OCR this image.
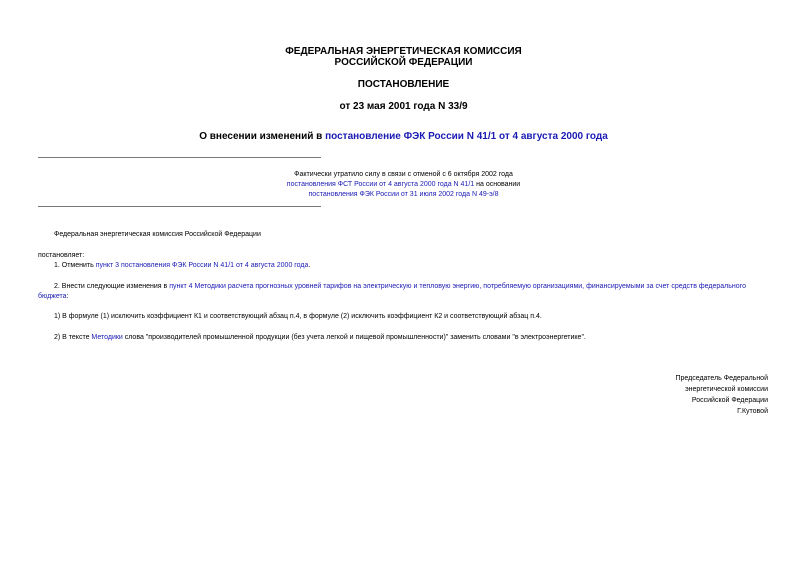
ФЕДЕРАЛЬНАЯ ЭНЕРГЕТИЧЕСКАЯ КОМИССИЯ
РОССИЙСКОЙ ФЕДЕРАЦИИ
ПОСТАНОВЛЕНИЕ
от 23 мая 2001 года N 33/9
О внесении изменений в постановление ФЭК России N 41/1 от 4 августа 2000 года
Фактически утратило силу в связи с отменой с 6 октября 2002 года
постановления ФСТ России от 4 августа 2000 года N 41/1 на основании
постановления ФЭК России от 31 июля 2002 года N 49-э/8
Федеральная энергетическая комиссия Российской Федерации
постановляет:
1. Отменить пункт 3 постановления ФЭК России N 41/1 от 4 августа 2000 года.
2. Внести следующие изменения в пункт 4 Методики расчета прогнозных уровней тарифов на электрическую и тепловую энергию, потребляемую организациями, финансируемыми за счет средств федерального
бюджета:
1) В формуле (1) исключить коэффициент К1 и соответствующий абзац п.4, в формуле (2) исключить коэффициент К2 и соответствующий абзац п.4.
2) В тексте Методики слова "производителей промышленной продукции (без учета легкой и пищевой промышленности)" заменить словами "в электроэнергетике".
Председатель Федеральной
энергетической комиссии
Российской Федерации
Г.Кутовой
